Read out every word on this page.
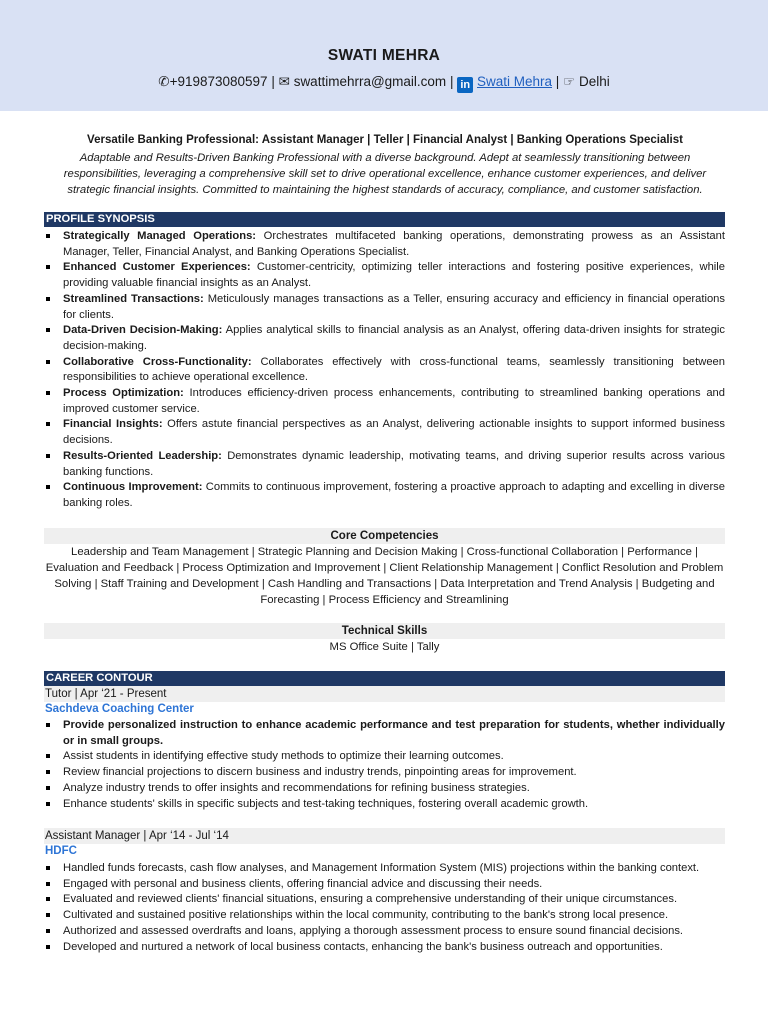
SWATI MEHRA
✆+919873080597 | ✉ swattimehrra@gmail.com | in Swati Mehra | ☞ Delhi
Versatile Banking Professional: Assistant Manager | Teller | Financial Analyst | Banking Operations Specialist
Adaptable and Results-Driven Banking Professional with a diverse background. Adept at seamlessly transitioning between responsibilities, leveraging a comprehensive skill set to drive operational excellence, enhance customer experiences, and deliver strategic financial insights. Committed to maintaining the highest standards of accuracy, compliance, and customer satisfaction.
PROFILE SYNOPSIS
Strategically Managed Operations: Orchestrates multifaceted banking operations, demonstrating prowess as an Assistant Manager, Teller, Financial Analyst, and Banking Operations Specialist.
Enhanced Customer Experiences: Customer-centricity, optimizing teller interactions and fostering positive experiences, while providing valuable financial insights as an Analyst.
Streamlined Transactions: Meticulously manages transactions as a Teller, ensuring accuracy and efficiency in financial operations for clients.
Data-Driven Decision-Making: Applies analytical skills to financial analysis as an Analyst, offering data-driven insights for strategic decision-making.
Collaborative Cross-Functionality: Collaborates effectively with cross-functional teams, seamlessly transitioning between responsibilities to achieve operational excellence.
Process Optimization: Introduces efficiency-driven process enhancements, contributing to streamlined banking operations and improved customer service.
Financial Insights: Offers astute financial perspectives as an Analyst, delivering actionable insights to support informed business decisions.
Results-Oriented Leadership: Demonstrates dynamic leadership, motivating teams, and driving superior results across various banking functions.
Continuous Improvement: Commits to continuous improvement, fostering a proactive approach to adapting and excelling in diverse banking roles.
Core Competencies
Leadership and Team Management | Strategic Planning and Decision Making | Cross-functional Collaboration | Performance | Evaluation and Feedback | Process Optimization and Improvement | Client Relationship Management | Conflict Resolution and Problem Solving | Staff Training and Development | Cash Handling and Transactions | Data Interpretation and Trend Analysis | Budgeting and Forecasting | Process Efficiency and Streamlining
Technical Skills
MS Office Suite | Tally
CAREER CONTOUR
Tutor | Apr ‘21 - Present
Sachdeva Coaching Center
Provide personalized instruction to enhance academic performance and test preparation for students, whether individually or in small groups.
Assist students in identifying effective study methods to optimize their learning outcomes.
Review financial projections to discern business and industry trends, pinpointing areas for improvement.
Analyze industry trends to offer insights and recommendations for refining business strategies.
Enhance students' skills in specific subjects and test-taking techniques, fostering overall academic growth.
Assistant Manager | Apr ‘14 - Jul ‘14
HDFC
Handled funds forecasts, cash flow analyses, and Management Information System (MIS) projections within the banking context.
Engaged with personal and business clients, offering financial advice and discussing their needs.
Evaluated and reviewed clients' financial situations, ensuring a comprehensive understanding of their unique circumstances.
Cultivated and sustained positive relationships within the local community, contributing to the bank's strong local presence.
Authorized and assessed overdrafts and loans, applying a thorough assessment process to ensure sound financial decisions.
Developed and nurtured a network of local business contacts, enhancing the bank's business outreach and opportunities.
